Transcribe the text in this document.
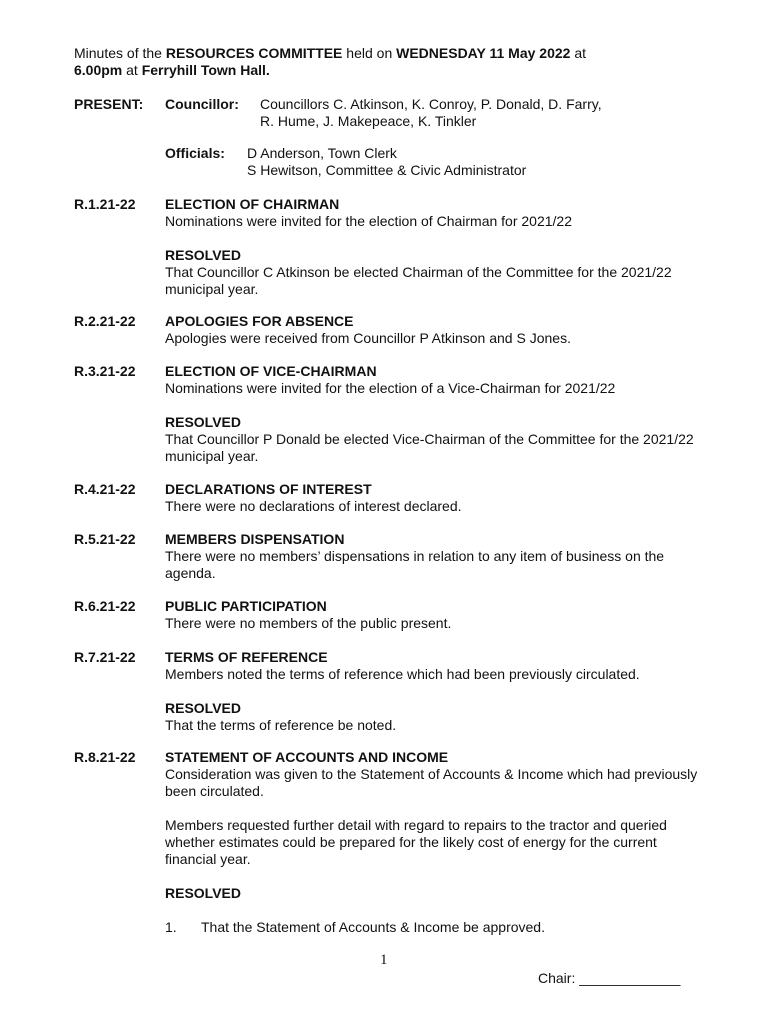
Minutes of the RESOURCES COMMITTEE held on WEDNESDAY 11 May 2022 at
6.00pm at Ferryhill Town Hall.
PRESENT: Councillor: Councillors C. Atkinson, K. Conroy, P. Donald, D. Farry,
R. Hume, J. Makepeace, K. Tinkler
Officials: D Anderson, Town Clerk
S Hewitson, Committee & Civic Administrator
R.1.21-22 ELECTION OF CHAIRMAN
Nominations were invited for the election of Chairman for 2021/22
RESOLVED
That Councillor C Atkinson be elected Chairman of the Committee for the 2021/22 municipal year.
R.2.21-22 APOLOGIES FOR ABSENCE
Apologies were received from Councillor P Atkinson and S Jones.
R.3.21-22 ELECTION OF VICE-CHAIRMAN
Nominations were invited for the election of a Vice-Chairman for 2021/22
RESOLVED
That Councillor P Donald be elected Vice-Chairman of the Committee for the 2021/22 municipal year.
R.4.21-22 DECLARATIONS OF INTEREST
There were no declarations of interest declared.
R.5.21-22 MEMBERS DISPENSATION
There were no members’ dispensations in relation to any item of business on the agenda.
R.6.21-22 PUBLIC PARTICIPATION
There were no members of the public present.
R.7.21-22 TERMS OF REFERENCE
Members noted the terms of reference which had been previously circulated.
RESOLVED
That the terms of reference be noted.
R.8.21-22 STATEMENT OF ACCOUNTS AND INCOME
Consideration was given to the Statement of Accounts & Income which had previously been circulated.
Members requested further detail with regard to repairs to the tractor and queried whether estimates could be prepared for the likely cost of energy for the current financial year.
RESOLVED
1. That the Statement of Accounts & Income be approved.
1
Chair: _____________
